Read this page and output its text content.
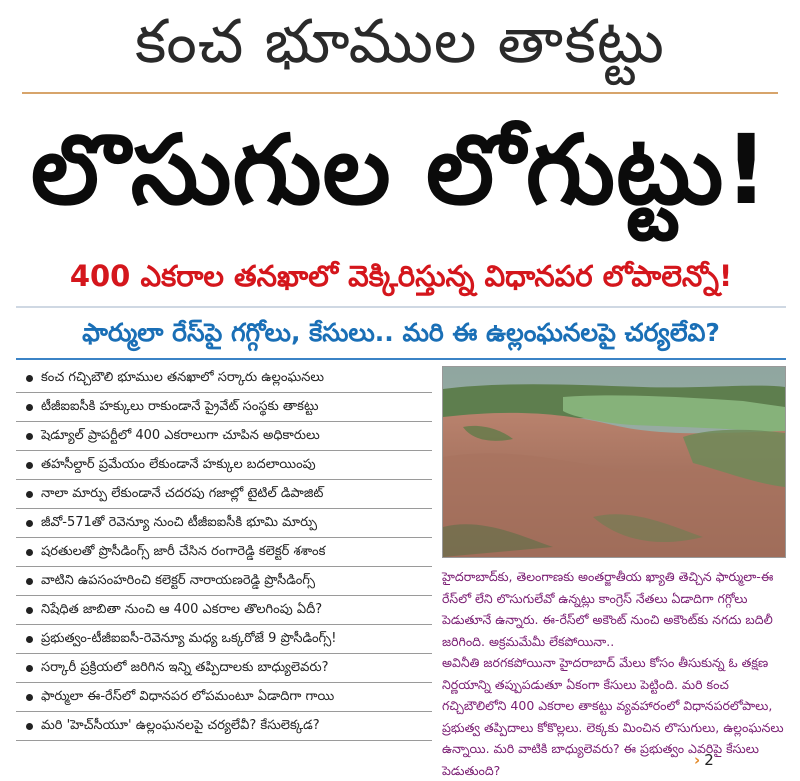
కంచ భూముల తాకట్టు
లొసుగుల లోగుట్టు!
400 ఎకరాల తనఖాలో వెక్కిరిస్తున్న విధానపర లోపాలెన్నో!
ఫార్ములా రేస్‌పై గగ్గోలు, కేసులు.. మరి ఈ ఉల్లంఘనలపై చర్యలేవి?
కంచ గచ్చిబౌలి భూముల తనఖాలో సర్కారు ఉల్లంఘనలు
టీజీఐఐసీకి హక్కులు రాకుండానే ప్రైవేట్ సంస్థకు తాకట్టు
షెడ్యూల్ ప్రాపర్టీలో 400 ఎకరాలుగా చూపిన అధికారులు
తహసీల్దార్ ప్రమేయం లేకుండానే హక్కుల బదలాయింపు
నాలా మార్పు లేకుండానే చదరపు గజాల్లో టైటిల్ డిపాజిట్
జీవో-571తో రెవెన్యూ నుంచి టీజీఐఐసీకి భూమి మార్పు
షరతులతో ప్రొసీడింగ్స్ జారీ చేసిన రంగారెడ్డి కలెక్టర్ శశాంక
వాటిని ఉపసంహరించి కలెక్టర్ నారాయణరెడ్డి ప్రొసీడింగ్స్
నిషేధిత జాబితా నుంచి ఆ 400 ఎకరాల తొలగింపు ఏదీ?
ప్రభుత్వం-టీజీఐఐసీ-రెవెన్యూ మధ్య ఒక్కరోజే 9 ప్రొసీడింగ్స్!
సర్కారీ ప్రక్రియలో జరిగిన ఇన్ని తప్పిదాలకు బాధ్యులెవరు?
ఫార్ములా ఈ-రేస్‌లో విధానపర లోపమంటూ ఏడాదిగా గాయి
మరి 'హెచ్‌సీయూ' ఉల్లంఘనలపై చర్యలేవీ? కేసులెక్కడ?

హైదరాబాద్‌కు, తెలంగాణకు అంతర్జాతీయ ఖ్యాతి తెచ్చిన ఫార్ములా-ఈ రేస్‌లో లేని లొసుగులేవో ఉన్నట్లు కాంగ్రెస్ నేతలు ఏడాదిగా గగ్గోలు పెడుతూనే ఉన్నారు. ఈ-రేస్‌లో అకౌంట్ నుంచి అకౌంట్‌కు నగదు బదిలీ జరిగింది. అక్రమమేమీ లేకపోయినా..

అవినీతి జరగకపోయినా హైదరాబాద్ మేలు కోసం తీసుకున్న ఓ తక్షణ నిర్ణయాన్ని తప్పుపడుతూ ఏకంగా కేసులు పెట్టింది. మరి కంచ గచ్చిబౌలిలోని 400 ఎకరాల తాకట్టు వ్యవహారంలో విధానపరలోపాలు, ప్రభుత్వ తప్పిదాలు కోకొల్లలు. లెక్కకు మించిన లొసుగులు, ఉల్లంఘనలు ఉన్నాయి. మరి వాటికి బాధ్యులెవరు? ఈ ప్రభుత్వం ఎవరిపై కేసులు పెడుతుంది?

› 2
